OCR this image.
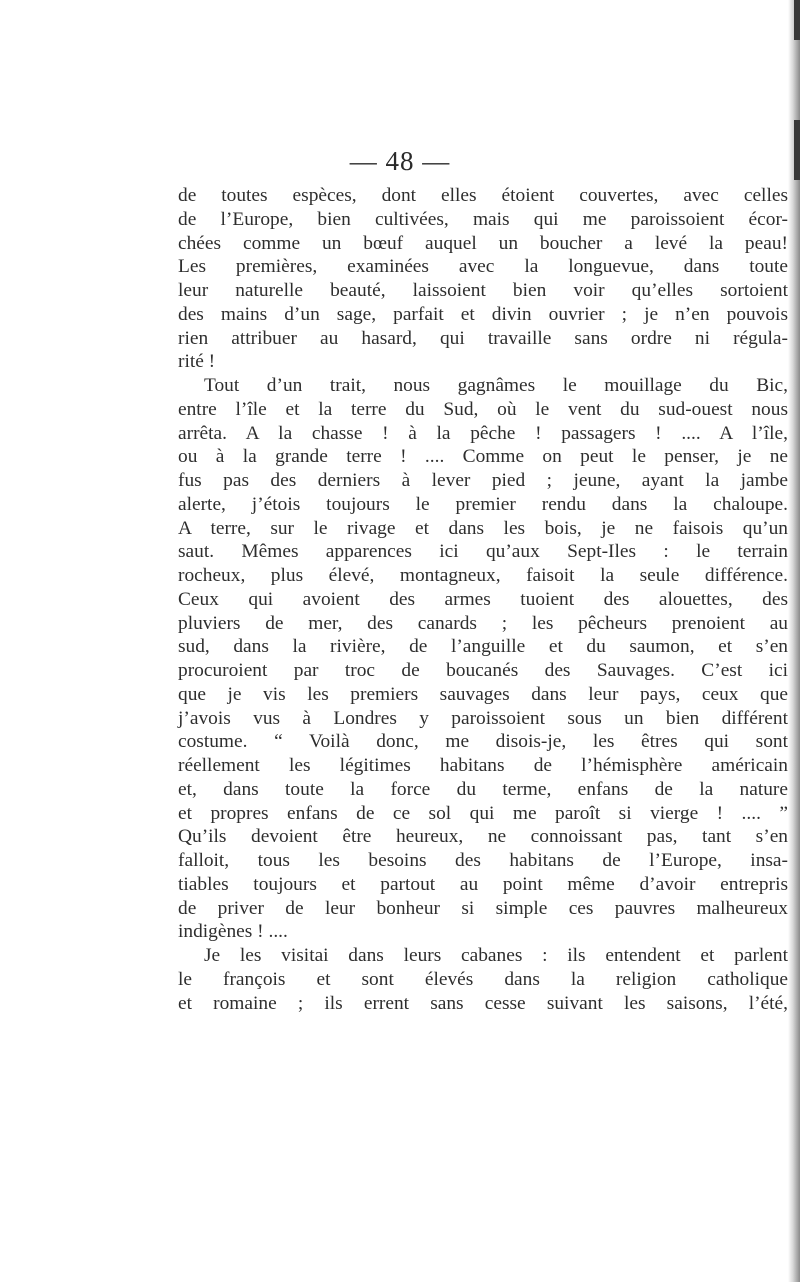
— 48 —
de toutes espèces, dont elles étoient couvertes, avec celles
de l’Europe, bien cultivées, mais qui me paroissoient écor-
chées comme un bœuf auquel un boucher a levé la peau!
Les premières, examinées avec la longuevue, dans toute
leur naturelle beauté, laissoient bien voir qu’elles sortoient
des mains d’un sage, parfait et divin ouvrier ; je n’en pouvois
rien attribuer au hasard, qui travaille sans ordre ni régula-
rité !
Tout d’un trait, nous gagnâmes le mouillage du Bic,
entre l’île et la terre du Sud, où le vent du sud-ouest nous
arrêta. A la chasse ! à la pêche ! passagers ! .... A l’île,
ou à la grande terre ! .... Comme on peut le penser, je ne
fus pas des derniers à lever pied ; jeune, ayant la jambe
alerte, j’étois toujours le premier rendu dans la chaloupe.
A terre, sur le rivage et dans les bois, je ne faisois qu’un
saut. Mêmes apparences ici qu’aux Sept-Iles : le terrain
rocheux, plus élevé, montagneux, faisoit la seule différence.
Ceux qui avoient des armes tuoient des alouettes, des
pluviers de mer, des canards ; les pêcheurs prenoient au
sud, dans la rivière, de l’anguille et du saumon, et s’en
procuroient par troc de boucanés des Sauvages. C’est ici
que je vis les premiers sauvages dans leur pays, ceux que
j’avois vus à Londres y paroissoient sous un bien différent
costume. “ Voilà donc, me disois-je, les êtres qui sont
réellement les légitimes habitans de l’hémisphère américain
et, dans toute la force du terme, enfans de la nature
et propres enfans de ce sol qui me paroît si vierge ! .... ”
Qu’ils devoient être heureux, ne connoissant pas, tant s’en
falloit, tous les besoins des habitans de l’Europe, insa-
tiables toujours et partout au point même d’avoir entrepris
de priver de leur bonheur si simple ces pauvres malheureux
indigènes ! ....
Je les visitai dans leurs cabanes : ils entendent et parlent
le françois et sont élevés dans la religion catholique
et romaine ; ils errent sans cesse suivant les saisons, l’été,
